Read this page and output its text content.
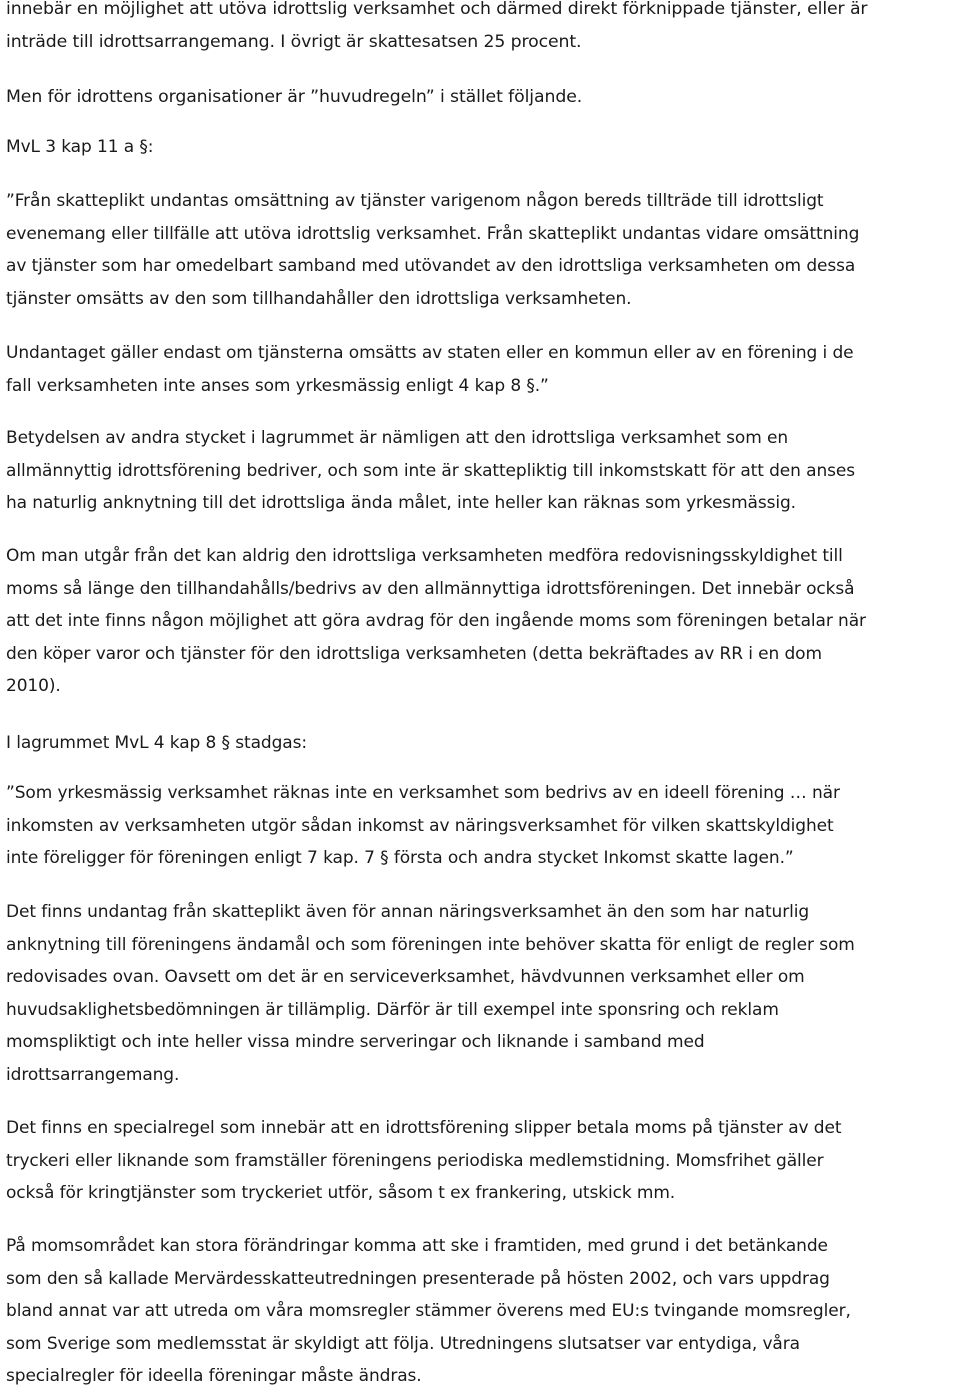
innebär en möjlighet att utöva idrottslig verksamhet och därmed direkt förknippade tjänster, eller är
inträde till idrottsarrangemang. I övrigt är skattesatsen 25 procent.

Men för idrottens organisationer är ”huvudregeln” i stället följande.

MvL 3 kap 11 a §:

”Från skatteplikt undantas omsättning av tjänster varigenom någon bereds tillträde till idrottsligt
evenemang eller tillfälle att utöva idrottslig verksamhet. Från skatteplikt undantas vidare omsättning
av tjänster som har omedelbart samband med utövandet av den idrottsliga verksamheten om dessa
tjänster omsätts av den som tillhandahåller den idrottsliga verksamheten.

Undantaget gäller endast om tjänsterna omsätts av staten eller en kommun eller av en förening i de
fall verksamheten inte anses som yrkesmässig enligt 4 kap 8 §.”

Betydelsen av andra stycket i lagrummet är nämligen att den idrottsliga verksamhet som en
allmännyttig idrottsförening bedriver, och som inte är skattepliktig till inkomstskatt för att den anses
ha naturlig anknytning till det idrottsliga ända målet, inte heller kan räknas som yrkesmässig.

Om man utgår från det kan aldrig den idrottsliga verksamheten medföra redovisningsskyldighet till
moms så länge den tillhandahålls/bedrivs av den allmännyttiga idrottsföreningen. Det innebär också
att det inte finns någon möjlighet att göra avdrag för den ingående moms som föreningen betalar när
den köper varor och tjänster för den idrottsliga verksamheten (detta bekräftades av RR i en dom
2010).

I lagrummet MvL 4 kap 8 § stadgas:

”Som yrkesmässig verksamhet räknas inte en verksamhet som bedrivs av en ideell förening … när
inkomsten av verksamheten utgör sådan inkomst av näringsverksamhet för vilken skattskyldighet
inte föreligger för föreningen enligt 7 kap. 7 § första och andra stycket Inkomst skatte lagen.”

Det finns undantag från skatteplikt även för annan näringsverksamhet än den som har naturlig
anknytning till föreningens ändamål och som föreningen inte behöver skatta för enligt de regler som
redovisades ovan. Oavsett om det är en serviceverksamhet, hävdvunnen verksamhet eller om
huvudsaklighetsbedömningen är tillämplig. Därför är till exempel inte sponsring och reklam
momspliktigt och inte heller vissa mindre serveringar och liknande i samband med
idrottsarrangemang.

Det finns en specialregel som innebär att en idrottsförening slipper betala moms på tjänster av det
tryckeri eller liknande som framställer föreningens periodiska medlemstidning. Momsfrihet gäller
också för kringtjänster som tryckeriet utför, såsom t ex frankering, utskick mm.

På momsområdet kan stora förändringar komma att ske i framtiden, med grund i det betänkande
som den så kallade Mervärdesskatteutredningen presenterade på hösten 2002, och vars uppdrag
bland annat var att utreda om våra momsregler stämmer överens med EU:s tvingande momsregler,
som Sverige som medlemsstat är skyldigt att följa. Utredningens slutsatser var entydiga, våra
specialregler för ideella föreningar måste ändras.
